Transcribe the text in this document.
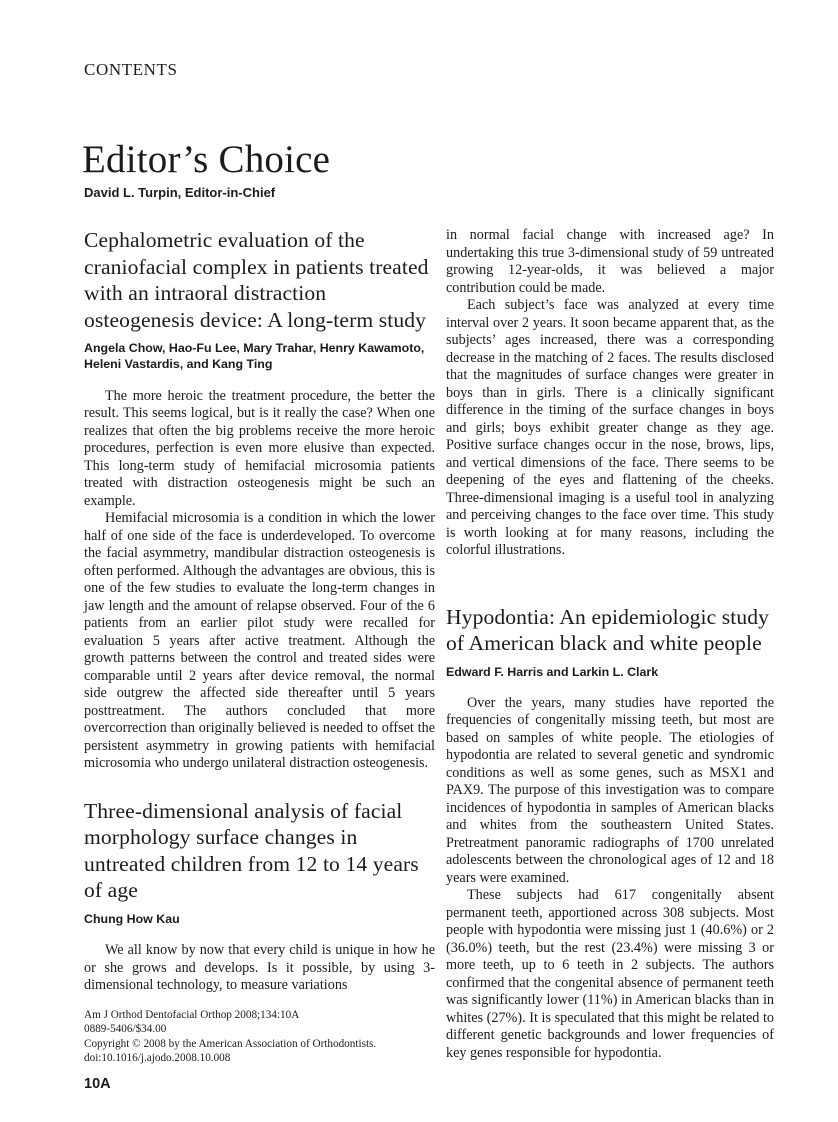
CONTENTS
Editor’s Choice
David L. Turpin, Editor-in-Chief
Cephalometric evaluation of the craniofacial complex in patients treated with an intraoral distraction osteogenesis device: A long-term study
Angela Chow, Hao-Fu Lee, Mary Trahar, Henry Kawamoto, Heleni Vastardis, and Kang Ting

The more heroic the treatment procedure, the better the result. This seems logical, but is it really the case? When one realizes that often the big problems receive the more heroic procedures, perfection is even more elusive than expected. This long-term study of hemifacial microsomia patients treated with distraction osteogenesis might be such an example.

Hemifacial microsomia is a condition in which the lower half of one side of the face is underdeveloped. To overcome the facial asymmetry, mandibular distraction osteogenesis is often performed. Although the advantages are obvious, this is one of the few studies to evaluate the long-term changes in jaw length and the amount of relapse observed. Four of the 6 patients from an earlier pilot study were recalled for evaluation 5 years after active treatment. Although the growth patterns between the control and treated sides were comparable until 2 years after device removal, the normal side outgrew the affected side thereafter until 5 years posttreatment. The authors concluded that more overcorrection than originally believed is needed to offset the persistent asymmetry in growing patients with hemifacial microsomia who undergo unilateral distraction osteogenesis.

Three-dimensional analysis of facial morphology surface changes in untreated children from 12 to 14 years of age
Chung How Kau

We all know by now that every child is unique in how he or she grows and develops. Is it possible, by using 3-dimensional technology, to measure variations

Am J Orthod Dentofacial Orthop 2008;134:10A
0889-5406/$34.00
Copyright © 2008 by the American Association of Orthodontists.
doi:10.1016/j.ajodo.2008.10.008
10A

in normal facial change with increased age? In undertaking this true 3-dimensional study of 59 untreated growing 12-year-olds, it was believed a major contribution could be made.

Each subject’s face was analyzed at every time interval over 2 years. It soon became apparent that, as the subjects’ ages increased, there was a corresponding decrease in the matching of 2 faces. The results disclosed that the magnitudes of surface changes were greater in boys than in girls. There is a clinically significant difference in the timing of the surface changes in boys and girls; boys exhibit greater change as they age. Positive surface changes occur in the nose, brows, lips, and vertical dimensions of the face. There seems to be deepening of the eyes and flattening of the cheeks. Three-dimensional imaging is a useful tool in analyzing and perceiving changes to the face over time. This study is worth looking at for many reasons, including the colorful illustrations.

Hypodontia: An epidemiologic study of American black and white people
Edward F. Harris and Larkin L. Clark

Over the years, many studies have reported the frequencies of congenitally missing teeth, but most are based on samples of white people. The etiologies of hypodontia are related to several genetic and syndromic conditions as well as some genes, such as MSX1 and PAX9. The purpose of this investigation was to compare incidences of hypodontia in samples of American blacks and whites from the southeastern United States. Pretreatment panoramic radiographs of 1700 unrelated adolescents between the chronological ages of 12 and 18 years were examined.

These subjects had 617 congenitally absent permanent teeth, apportioned across 308 subjects. Most people with hypodontia were missing just 1 (40.6%) or 2 (36.0%) teeth, but the rest (23.4%) were missing 3 or more teeth, up to 6 teeth in 2 subjects. The authors confirmed that the congenital absence of permanent teeth was significantly lower (11%) in American blacks than in whites (27%). It is speculated that this might be related to different genetic backgrounds and lower frequencies of key genes responsible for hypodontia.
